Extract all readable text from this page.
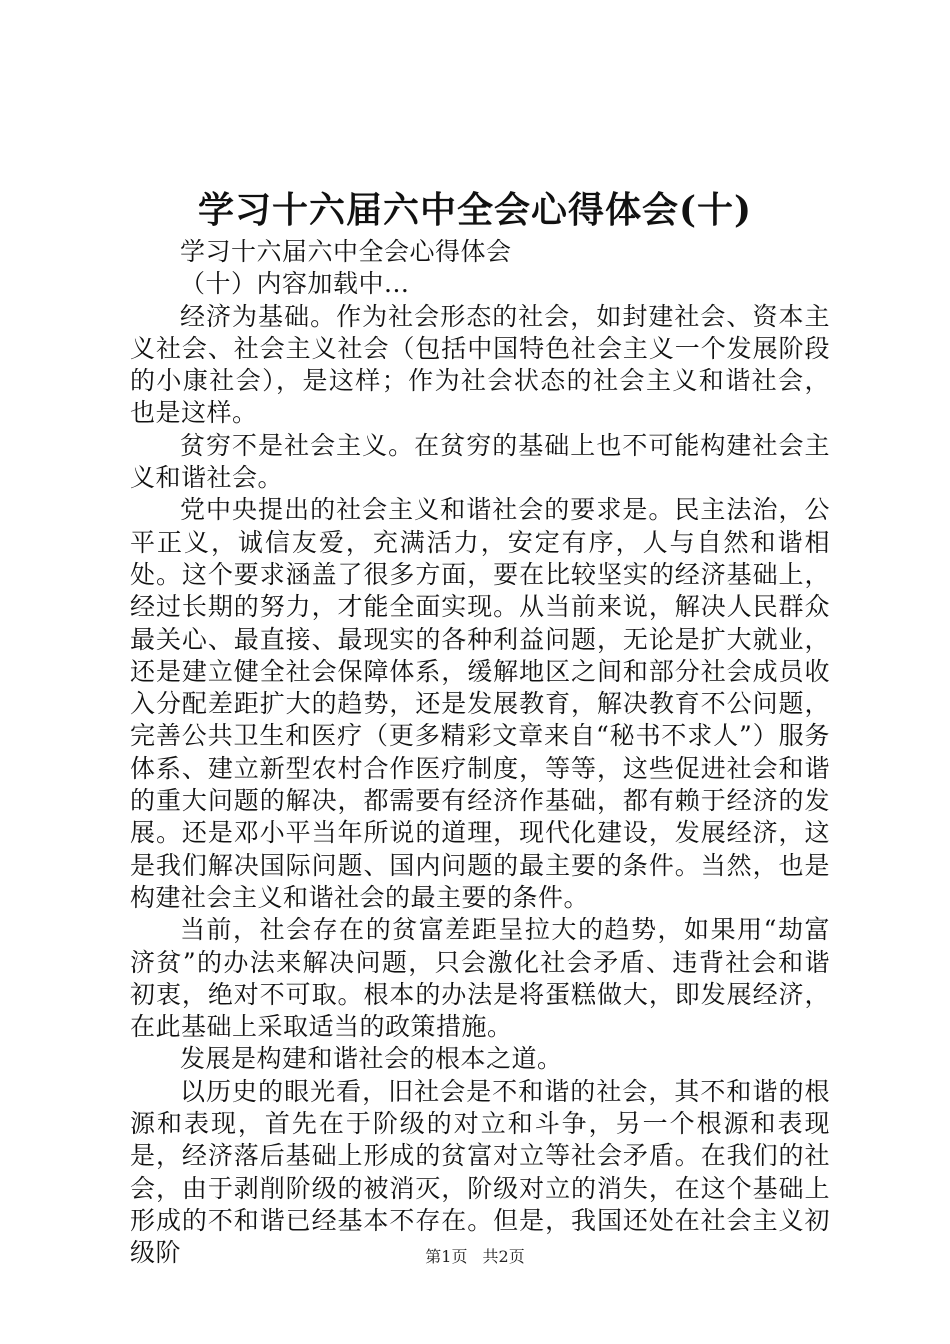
学习十六届六中全会心得体会(十)

学习十六届六中全会心得体会

（十）内容加载中...

经济为基础。作为社会形态的社会，如封建社会、资本主义社会、社会主义社会（包括中国特色社会主义一个发展阶段的小康社会），是这样；作为社会状态的社会主义和谐社会，也是这样。

贫穷不是社会主义。在贫穷的基础上也不可能构建社会主义和谐社会。

党中央提出的社会主义和谐社会的要求是。民主法治，公平正义，诚信友爱，充满活力，安定有序，人与自然和谐相处。这个要求涵盖了很多方面，要在比较坚实的经济基础上，经过长期的努力，才能全面实现。从当前来说，解决人民群众最关心、最直接、最现实的各种利益问题，无论是扩大就业，还是建立健全社会保障体系，缓解地区之间和部分社会成员收入分配差距扩大的趋势，还是发展教育，解决教育不公问题，完善公共卫生和医疗（更多精彩文章来自“秘书不求人”）服务体系、建立新型农村合作医疗制度，等等，这些促进社会和谐的重大问题的解决，都需要有经济作基础，都有赖于经济的发展。还是邓小平当年所说的道理，现代化建设，发展经济，这是我们解决国际问题、国内问题的最主要的条件。当然，也是构建社会主义和谐社会的最主要的条件。

当前，社会存在的贫富差距呈拉大的趋势，如果用“劫富济贫”的办法来解决问题，只会激化社会矛盾、违背社会和谐初衷，绝对不可取。根本的办法是将蛋糕做大，即发展经济，在此基础上采取适当的政策措施。

发展是构建和谐社会的根本之道。

以历史的眼光看，旧社会是不和谐的社会，其不和谐的根源和表现，首先在于阶级的对立和斗争，另一个根源和表现是，经济落后基础上形成的贫富对立等社会矛盾。在我们的社会，由于剥削阶级的被消灭，阶级对立的消失，在这个基础上形成的不和谐已经基本不存在。但是，我国还处在社会主义初级阶	第1页 共2页
